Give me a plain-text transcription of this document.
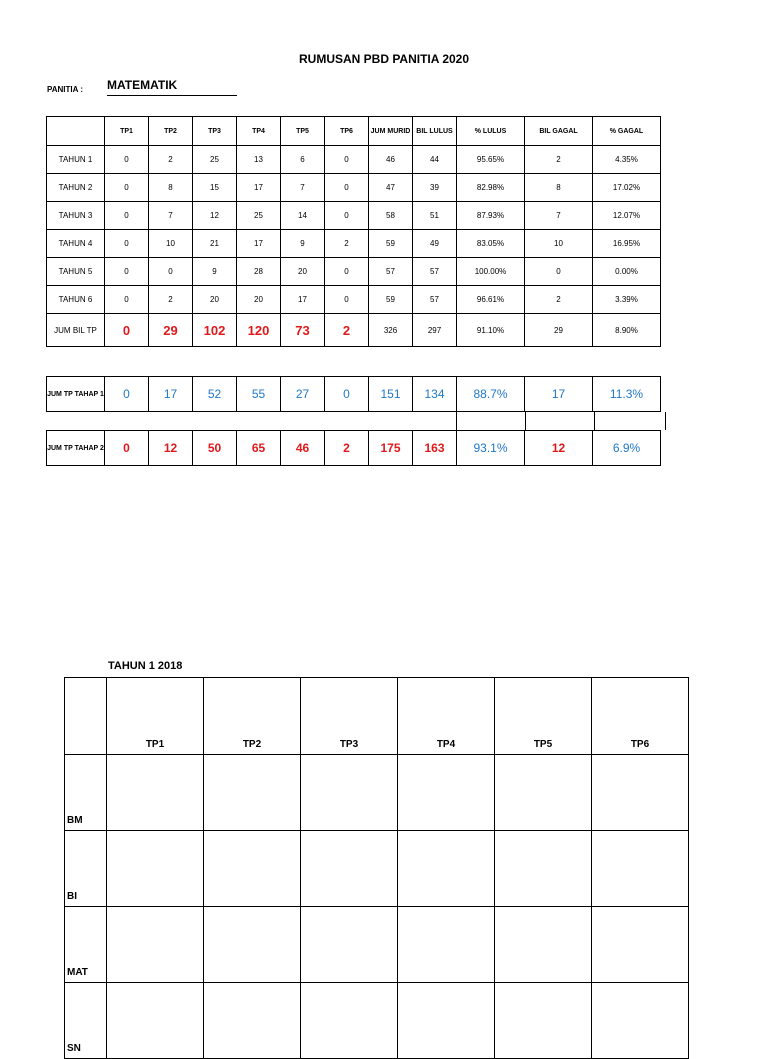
RUMUSAN PBD PANITIA 2020
PANITIA : MATEMATIK
	TP1	TP2	TP3	TP4	TP5	TP6	JUM MURID	BIL LULUS	% LULUS	BIL GAGAL	% GAGAL
TAHUN 1	0	2	25	13	6	0	46	44	95.65%	2	4.35%
TAHUN 2	0	8	15	17	7	0	47	39	82.98%	8	17.02%
TAHUN 3	0	7	12	25	14	0	58	51	87.93%	7	12.07%
TAHUN 4	0	10	21	17	9	2	59	49	83.05%	10	16.95%
TAHUN 5	0	0	9	28	20	0	57	57	100.00%	0	0.00%
TAHUN 6	0	2	20	20	17	0	59	57	96.61%	2	3.39%
JUM BIL TP	0	29	102	120	73	2	326	297	91.10%	29	8.90%
JUM TP TAHAP 1	0	17	52	55	27	0	151	134	88.7%	17	11.3%
JUM TP TAHAP 2	0	12	50	65	46	2	175	163	93.1%	12	6.9%
TAHUN 1 2018
	TP1	TP2	TP3	TP4	TP5	TP6
BM						
BI						
MAT						
SN						
